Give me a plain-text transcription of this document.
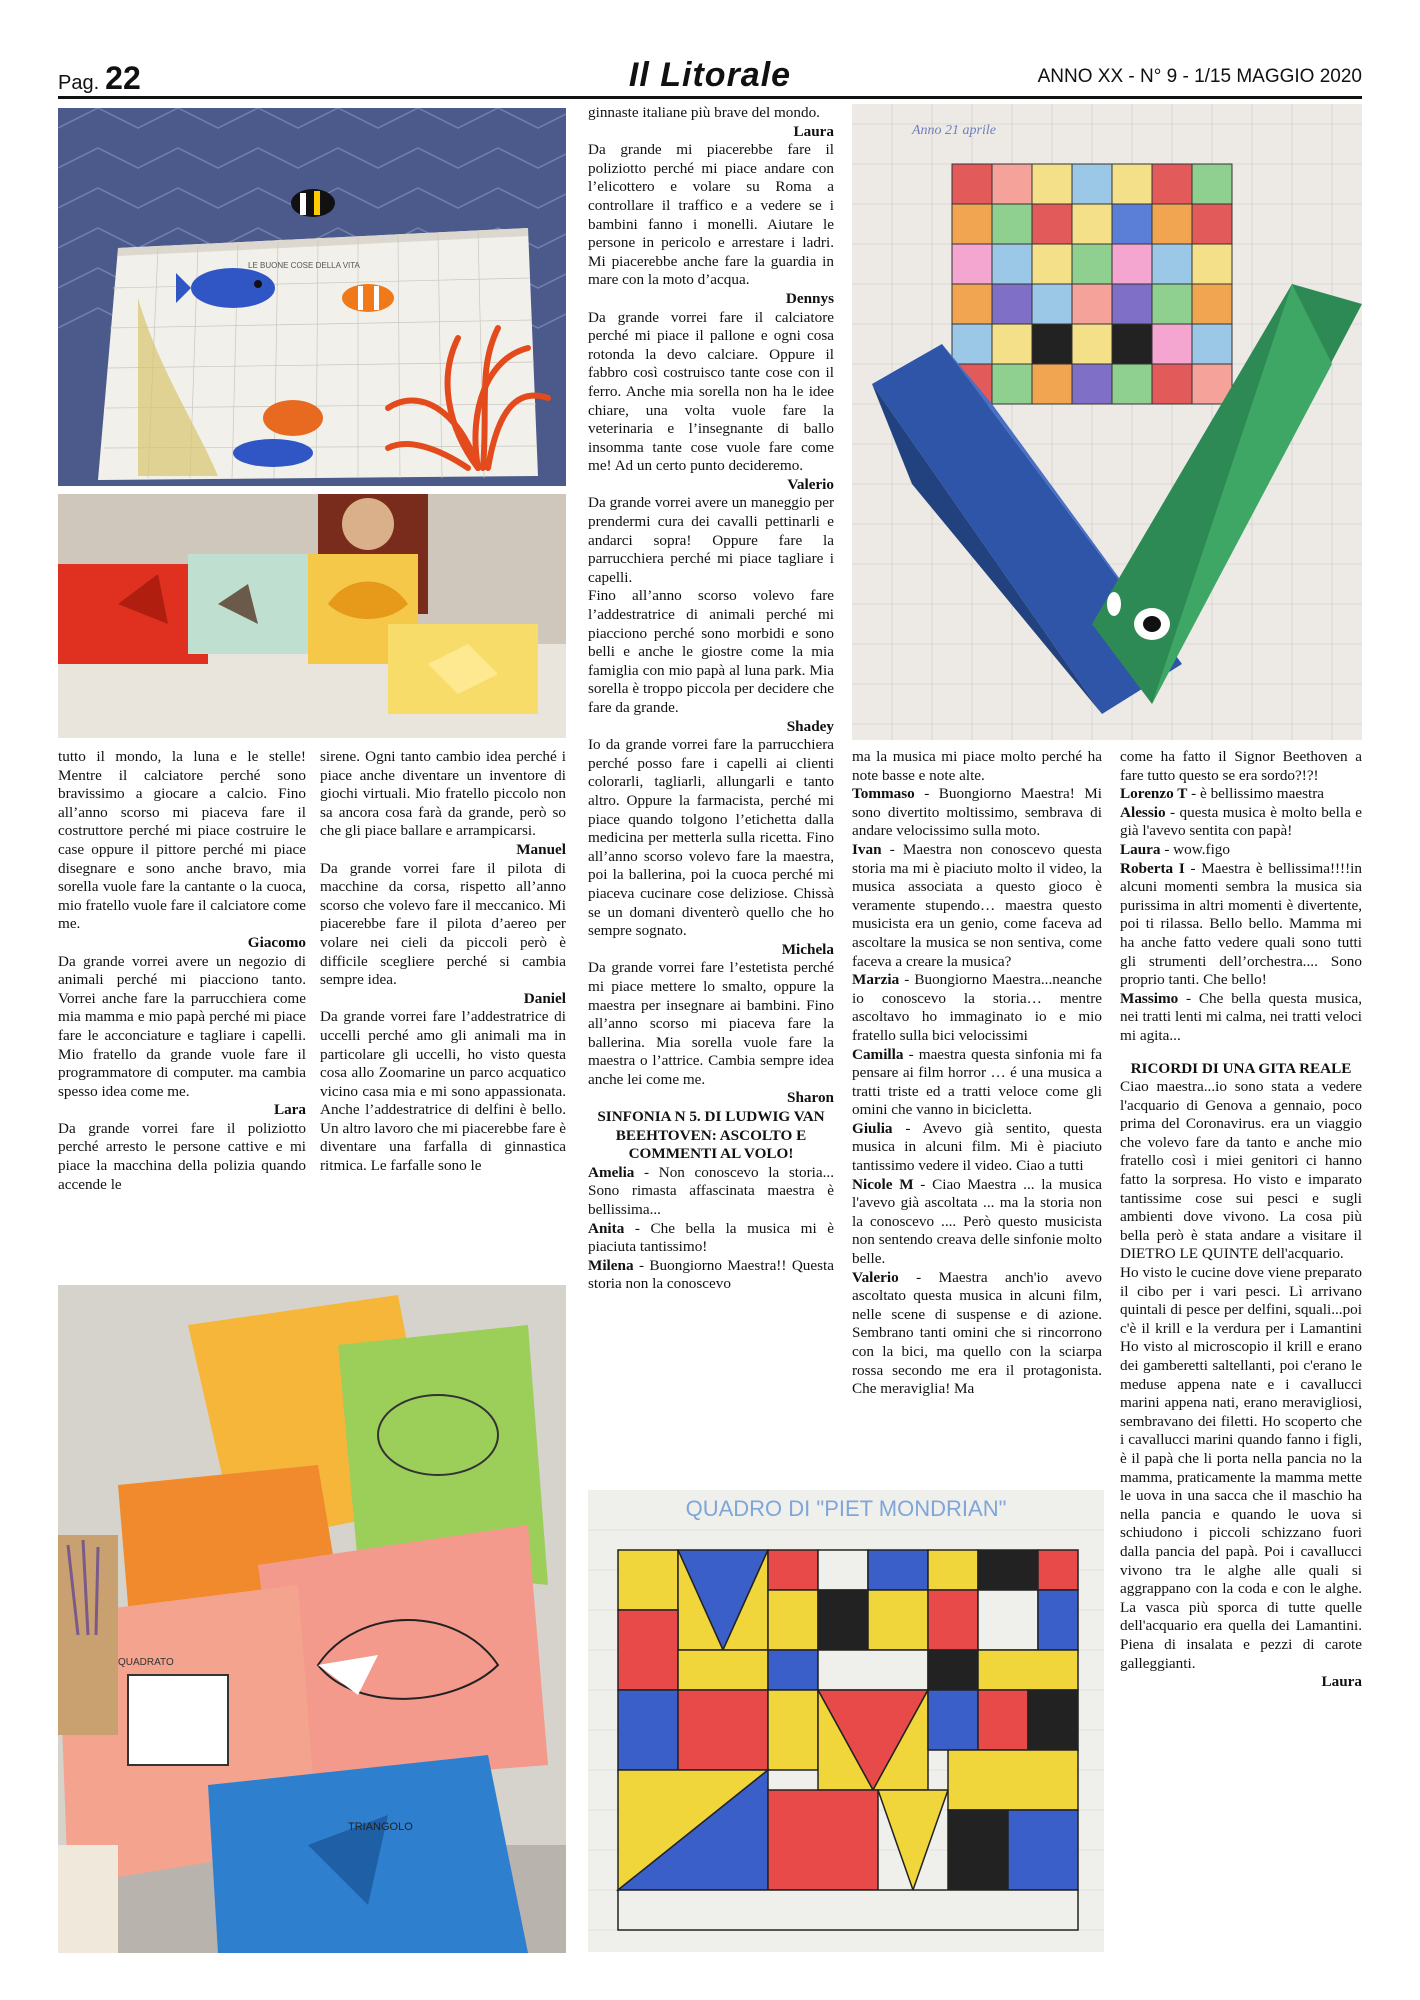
Pag. 22	Il Litorale	ANNO XX - N° 9 - 1/15 MAGGIO 2020
LE BUONE COSE DELLA VITA
QUADRATO
TRIANGOLO
Anno 21 aprile
QUADRO DI "PIET MONDRIAN"

tutto il mondo, la luna e le stelle! Mentre il calciatore perché sono bravissimo a giocare a calcio. Fino all’anno scorso mi piaceva fare il costruttore perché mi piace costruire le case oppure il pittore perché mi piace disegnare e sono anche bravo, mia sorella vuole fare la cantante o la cuoca, mio fratello vuole fare il calciatore come me.

Giacomo

Da grande vorrei avere un negozio di animali perché mi piacciono tanto. Vorrei anche fare la parrucchiera come mia mamma e mio papà perché mi piace fare le acconciature e tagliare i capelli. Mio fratello da grande vuole fare il programmatore di computer. ma cambia spesso idea come me.

Lara

Da grande vorrei fare il poliziotto perché arresto le persone cattive e mi piace la macchina della polizia quando accende le

sirene. Ogni tanto cambio idea perché i piace anche diventare un inventore di giochi virtuali. Mio fratello piccolo non sa ancora cosa farà da grande, però so che gli piace ballare e arrampicarsi.

Manuel

Da grande vorrei fare il pilota di macchine da corsa, rispetto all’anno scorso che volevo fare il meccanico. Mi piacerebbe fare il pilota d’aereo per volare nei cieli da piccoli però è difficile scegliere perché si cambia sempre idea.

Daniel

Da grande vorrei fare l’addestratrice di uccelli perché amo gli animali ma in particolare gli uccelli, ho visto questa cosa allo Zoomarine un parco acquatico vicino casa mia e mi sono appassionata. Anche l’addestratrice di delfini è bello. Un altro lavoro che mi piacerebbe fare è diventare una farfalla di ginnastica ritmica. Le farfalle sono le

ginnaste italiane più brave del mondo.

Laura

Da grande mi piacerebbe fare il poliziotto perché mi piace andare con l’elicottero e volare su Roma a controllare il traffico e a vedere se i bambini fanno i monelli. Aiutare le persone in pericolo e arrestare i ladri. Mi piacerebbe anche fare la guardia in mare con la moto d’acqua.

Dennys

Da grande vorrei fare il calciatore perché mi piace il pallone e ogni cosa rotonda la devo calciare. Oppure il fabbro così costruisco tante cose con il ferro. Anche mia sorella non ha le idee chiare, una volta vuole fare la veterinaria e l’insegnante di ballo insomma tante cose vuole fare come me! Ad un certo punto decideremo.

Valerio

Da grande vorrei avere un maneggio per prendermi cura dei cavalli pettinarli e andarci sopra! Oppure fare la parrucchiera perché mi piace tagliare i capelli.

Fino all’anno scorso volevo fare l’addestratrice di animali perché mi piacciono perché sono morbidi e sono belli e anche le giostre come la mia famiglia con mio papà al luna park. Mia sorella è troppo piccola per decidere che fare da grande.

Shadey

Io da grande vorrei fare la parrucchiera perché posso fare i capelli ai clienti colorarli, tagliarli, allungarli e tanto altro. Oppure la farmacista, perché mi piace quando tolgono l’etichetta dalla medicina per metterla sulla ricetta. Fino all’anno scorso volevo fare la maestra, poi la ballerina, poi la cuoca perché mi piaceva cucinare cose deliziose. Chissà se un domani diventerò quello che ho sempre sognato.

Michela

Da grande vorrei fare l’estetista perché mi piace mettere lo smalto, oppure la maestra per insegnare ai bambini. Fino all’anno scorso mi piaceva fare la ballerina. Mia sorella vuole fare la maestra o l’attrice. Cambia sempre idea anche lei come me.

Sharon

SINFONIA N 5. DI LUDWIG VAN BEEHTOVEN: ASCOLTO E COMMENTI AL VOLO!

Amelia - Non conoscevo la storia... Sono rimasta affascinata maestra è bellissima...

Anita - Che bella la musica mi è piaciuta tantissimo!

Milena - Buongiorno Maestra!! Questa storia non la conoscevo

ma la musica mi piace molto perché ha note basse e note alte.

Tommaso - Buongiorno Maestra! Mi sono divertito moltissimo, sembrava di andare velocissimo sulla moto.

Ivan - Maestra non conoscevo questa storia ma mi è piaciuto molto il video, la musica associata a questo gioco è veramente stupendo… maestra questo musicista era un genio, come faceva ad ascoltare la musica se non sentiva, come faceva a creare la musica?

Marzia - Buongiorno Maestra...neanche io conoscevo la storia… mentre ascoltavo ho immaginato io e mio fratello sulla bici velocissimi

Camilla - maestra questa sinfonia mi fa pensare ai film horror … é una musica a tratti triste ed a tratti veloce come gli omini che vanno in bicicletta.

Giulia - Avevo già sentito, questa musica in alcuni film. Mi è piaciuto tantissimo vedere il video. Ciao a tutti

Nicole M - Ciao Maestra ... la musica l'avevo già ascoltata ... ma la storia non la conoscevo .... Però questo musicista non sentendo creava delle sinfonie molto belle.

Valerio - Maestra anch'io avevo ascoltato questa musica in alcuni film, nelle scene di suspense e di azione. Sembrano tanti omini che si rincorrono con la bici, ma quello con la sciarpa rossa secondo me era il protagonista. Che meraviglia! Ma

come ha fatto il Signor Beethoven a fare tutto questo se era sordo?!?!

Lorenzo T - è bellissimo maestra

Alessio - questa musica è molto bella e già l'avevo sentita con papà!

Laura - wow.figo

Roberta I - Maestra è bellissima!!!!in alcuni momenti sembra la musica sia purissima in altri momenti è divertente, poi ti rilassa. Bello bello. Mamma mi ha anche fatto vedere quali sono tutti gli strumenti dell’orchestra.... Sono proprio tanti. Che bello!

Massimo - Che bella questa musica, nei tratti lenti mi calma, nei tratti veloci mi agita...

RICORDI DI UNA GITA REALE

Ciao maestra...io sono stata a vedere l'acquario di Genova a gennaio, poco prima del Coronavirus. era un viaggio che volevo fare da tanto e anche mio fratello così i miei genitori ci hanno fatto la sorpresa. Ho visto e imparato tantissime cose sui pesci e sugli ambienti dove vivono. La cosa più bella però è stata andare a visitare il DIETRO LE QUINTE dell'acquario.

Ho visto le cucine dove viene preparato il cibo per i vari pesci. Lì arrivano quintali di pesce per delfini, squali...poi c'è il krill e la verdura per i Lamantini Ho visto al microscopio il krill e erano dei gamberetti saltellanti, poi c'erano le meduse appena nate e i cavallucci marini appena nati, erano meravigliosi, sembravano dei filetti. Ho scoperto che i cavallucci marini quando fanno i figli, è il papà che li porta nella pancia no la mamma, praticamente la mamma mette le uova in una sacca che il maschio ha nella pancia e quando le uova si schiudono i piccoli schizzano fuori dalla pancia del papà. Poi i cavallucci vivono tra le alghe alle quali si aggrappano con la coda e con le alghe. La vasca più sporca di tutte quelle dell'acquario era quella dei Lamantini. Piena di insalata e pezzi di carote galleggianti.

Laura
